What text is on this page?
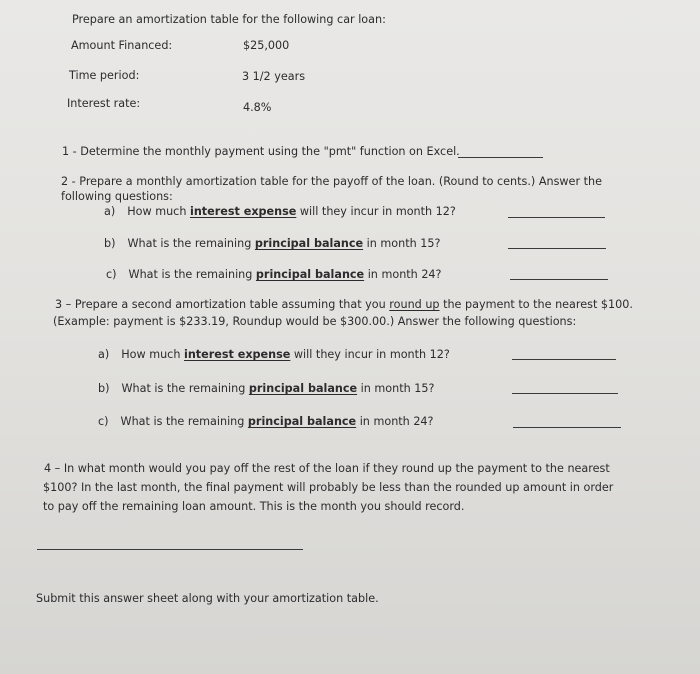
Prepare an amortization table for the following car loan:
Amount Financed:	$25,000
Time period:	3 1/2 years
Interest rate:	4.8%
1 - Determine the monthly payment using the "pmt" function on Excel.
2 - Prepare a monthly amortization table for the payoff of the loan. (Round to cents.) Answer the
following questions:
a) How much interest expense will they incur in month 12?
b) What is the remaining principal balance in month 15?
c) What is the remaining principal balance in month 24?
3 – Prepare a second amortization table assuming that you round up the payment to the nearest $100.
(Example: payment is $233.19, Roundup would be $300.00.) Answer the following questions:
a) How much interest expense will they incur in month 12?
b) What is the remaining principal balance in month 15?
c) What is the remaining principal balance in month 24?
4 – In what month would you pay off the rest of the loan if they round up the payment to the nearest
$100? In the last month, the final payment will probably be less than the rounded up amount in order
to pay off the remaining loan amount. This is the month you should record.
Submit this answer sheet along with your amortization table.
